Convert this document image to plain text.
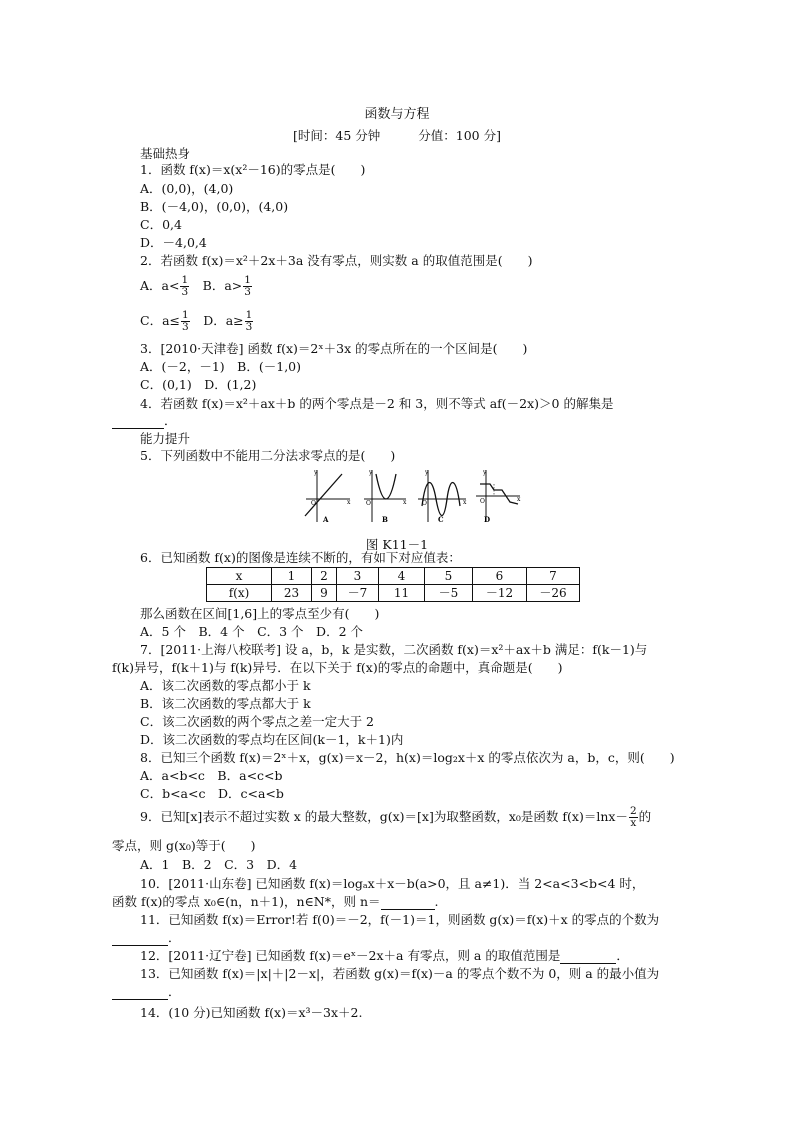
函数与方程
[时间：45 分钟	分值：100 分]
基础热身
1．函数 f(x)＝x(x²－16)的零点是(　　)
A．(0,0)，(4,0)
B．(－4,0)，(0,0)，(4,0)
C．0,4
D．－4,0,4
2．若函数 f(x)＝x²＋2x＋3a 没有零点，则实数 a 的取值范围是(　　)
A．$a< \frac{1}{3}$ 　B．$a> \frac{1}{3}$
C．$a\le \frac{1}{3}$ 　D．$a\ge \frac{1}{3}$
3．[2010·天津卷] 函数 f(x)＝2ˣ＋3x 的零点所在的一个区间是(　　)
A．(－2，－1)　B．(－1,0)
C．(0,1)　D．(1,2)
4．若函数 f(x)＝x²＋ax＋b 的两个零点是－2 和 3，则不等式 af(－2x)＞0 的解集是
．
能力提升
5．下列函数中不能用二分法求零点的是(　　)
y
x
O
A
y
x
O
B
y
x
O
C
y
x
O
D
图 K11－1
6．已知函数 f(x)的图像是连续不断的，有如下对应值表：
x	1	2	3	4	5	6	7
f(x)	23	9	－7	11	－5	－12	－26
那么函数在区间[1,6]上的零点至少有(　　)
A．5 个　B．4 个　C．3 个　D．2 个
7．[2011·上海八校联考] 设 a，b，k 是实数，二次函数 f(x)＝x²＋ax＋b 满足：f(k－1)与
f(k)异号，f(k＋1)与 f(k)异号．在以下关于 f(x)的零点的命题中，真命题是(　　)
A．该二次函数的零点都小于 k
B．该二次函数的零点都大于 k
C．该二次函数的两个零点之差一定大于 2
D．该二次函数的零点均在区间(k－1，k＋1)内
8．已知三个函数 f(x)＝2ˣ＋x，g(x)＝x－2，h(x)＝log₂x＋x 的零点依次为 a，b，c，则(　　)
A．a<b<c　B．a<c<b
C．b<a<c　D．c<a<b
9．已知[x]表示不超过实数 x 的最大整数，g(x)＝[x]为取整函数，x₀是函数 $f(x)=\ln x- \frac{2}{x}$ 的
零点，则 g(x₀)等于(　　)
A．1　B．2　C．3　D．4
10．[2011·山东卷] 已知函数 f(x)＝logₐx＋x－b(a>0，且 a≠1)．当 2<a<3<b<4 时，
函数 f(x)的零点 x₀∈(n，n＋1)，n∈N*，则 n＝	.
11．已知函数 f(x)＝Error!若 f(0)＝－2，f(－1)＝1，则函数 g(x)＝f(x)＋x 的零点的个数为
．
12．[2011·辽宁卷] 已知函数 f(x)＝eˣ－2x＋a 有零点，则 a 的取值范围是	．
13．已知函数 f(x)＝|x|＋|2－x|，若函数 g(x)＝f(x)－a 的零点个数不为 0，则 a 的最小值为
．
14．(10 分)已知函数 f(x)＝x³－3x＋2.
